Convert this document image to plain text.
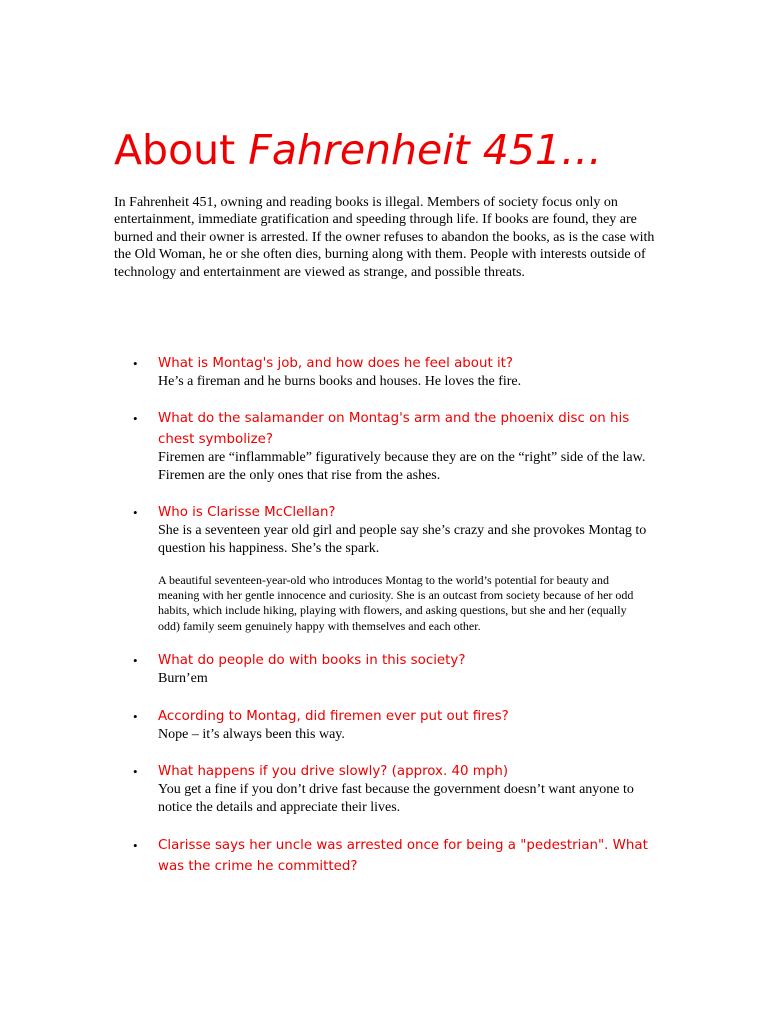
About Fahrenheit 451…

In Fahrenheit 451, owning and reading books is illegal. Members of society focus only on entertainment, immediate gratification and speeding through life. If books are found, they are burned and their owner is arrested. If the owner refuses to abandon the books, as is the case with the Old Woman, he or she often dies, burning along with them. People with interests outside of technology and entertainment are viewed as strange, and possible threats.

• What is Montag's job, and how does he feel about it?

He’s a fireman and he burns books and houses. He loves the fire.

• What do the salamander on Montag's arm and the phoenix disc on his chest symbolize?

Firemen are “inflammable” figuratively because they are on the “right” side of the law. Firemen are the only ones that rise from the ashes.

• Who is Clarisse McClellan?

She is a seventeen year old girl and people say she’s crazy and she provokes Montag to question his happiness. She’s the spark.

• What do people do with books in this society?

Burn’em

• According to Montag, did firemen ever put out fires?

Nope – it’s always been this way.

• What happens if you drive slowly? (approx. 40 mph)

You get a fine if you don’t drive fast because the government doesn’t want anyone to notice the details and appreciate their lives.

• Clarisse says her uncle was arrested once for being a "pedestrian". What was the crime he committed?

A beautiful seventeen-year-old who introduces Montag to the world’s potential for beauty and meaning with her gentle innocence and curiosity. She is an outcast from society because of her odd habits, which include hiking, playing with flowers, and asking questions, but she and her (equally odd) family seem genuinely happy with themselves and each other.
